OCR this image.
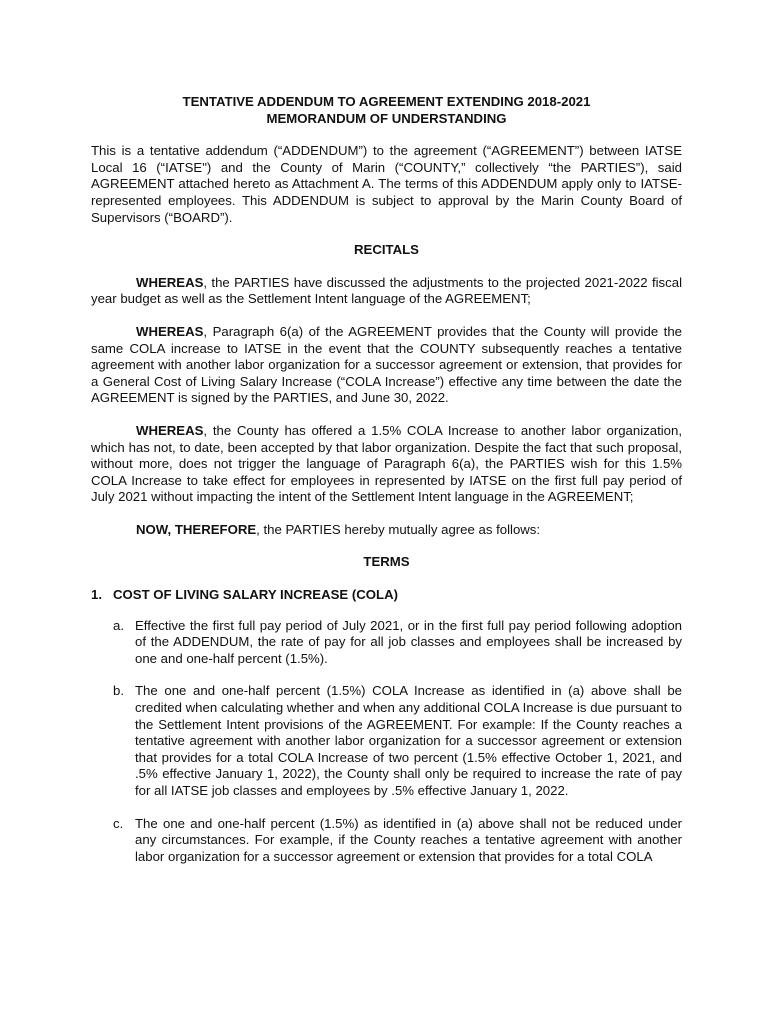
TENTATIVE ADDENDUM TO AGREEMENT EXTENDING 2018-2021
MEMORANDUM OF UNDERSTANDING

This is a tentative addendum (“ADDENDUM”) to the agreement (“AGREEMENT”) between IATSE Local 16 (“IATSE") and the County of Marin (“COUNTY,” collectively “the PARTIES”), said AGREEMENT attached hereto as Attachment A. The terms of this ADDENDUM apply only to IATSE-represented employees. This ADDENDUM is subject to approval by the Marin County Board of Supervisors (“BOARD”).

RECITALS

WHEREAS, the PARTIES have discussed the adjustments to the projected 2021-2022 fiscal year budget as well as the Settlement Intent language of the AGREEMENT;

WHEREAS, Paragraph 6(a) of the AGREEMENT provides that the County will provide the same COLA increase to IATSE in the event that the COUNTY subsequently reaches a tentative agreement with another labor organization for a successor agreement or extension, that provides for a General Cost of Living Salary Increase (“COLA Increase”) effective any time between the date the AGREEMENT is signed by the PARTIES, and June 30, 2022.

WHEREAS, the County has offered a 1.5% COLA Increase to another labor organization, which has not, to date, been accepted by that labor organization. Despite the fact that such proposal, without more, does not trigger the language of Paragraph 6(a), the PARTIES wish for this 1.5% COLA Increase to take effect for employees in represented by IATSE on the first full pay period of July 2021 without impacting the intent of the Settlement Intent language in the AGREEMENT;

NOW, THEREFORE, the PARTIES hereby mutually agree as follows:

TERMS

1. COST OF LIVING SALARY INCREASE (COLA)
a. Effective the first full pay period of July 2021, or in the first full pay period following adoption of the ADDENDUM, the rate of pay for all job classes and employees shall be increased by one and one-half percent (1.5%).
b. The one and one-half percent (1.5%) COLA Increase as identified in (a) above shall be credited when calculating whether and when any additional COLA Increase is due pursuant to the Settlement Intent provisions of the AGREEMENT. For example: If the County reaches a tentative agreement with another labor organization for a successor agreement or extension that provides for a total COLA Increase of two percent (1.5% effective October 1, 2021, and .5% effective January 1, 2022), the County shall only be required to increase the rate of pay for all IATSE job classes and employees by .5% effective January 1, 2022.
c. The one and one-half percent (1.5%) as identified in (a) above shall not be reduced under any circumstances. For example, if the County reaches a tentative agreement with another labor organization for a successor agreement or extension that provides for a total COLA
